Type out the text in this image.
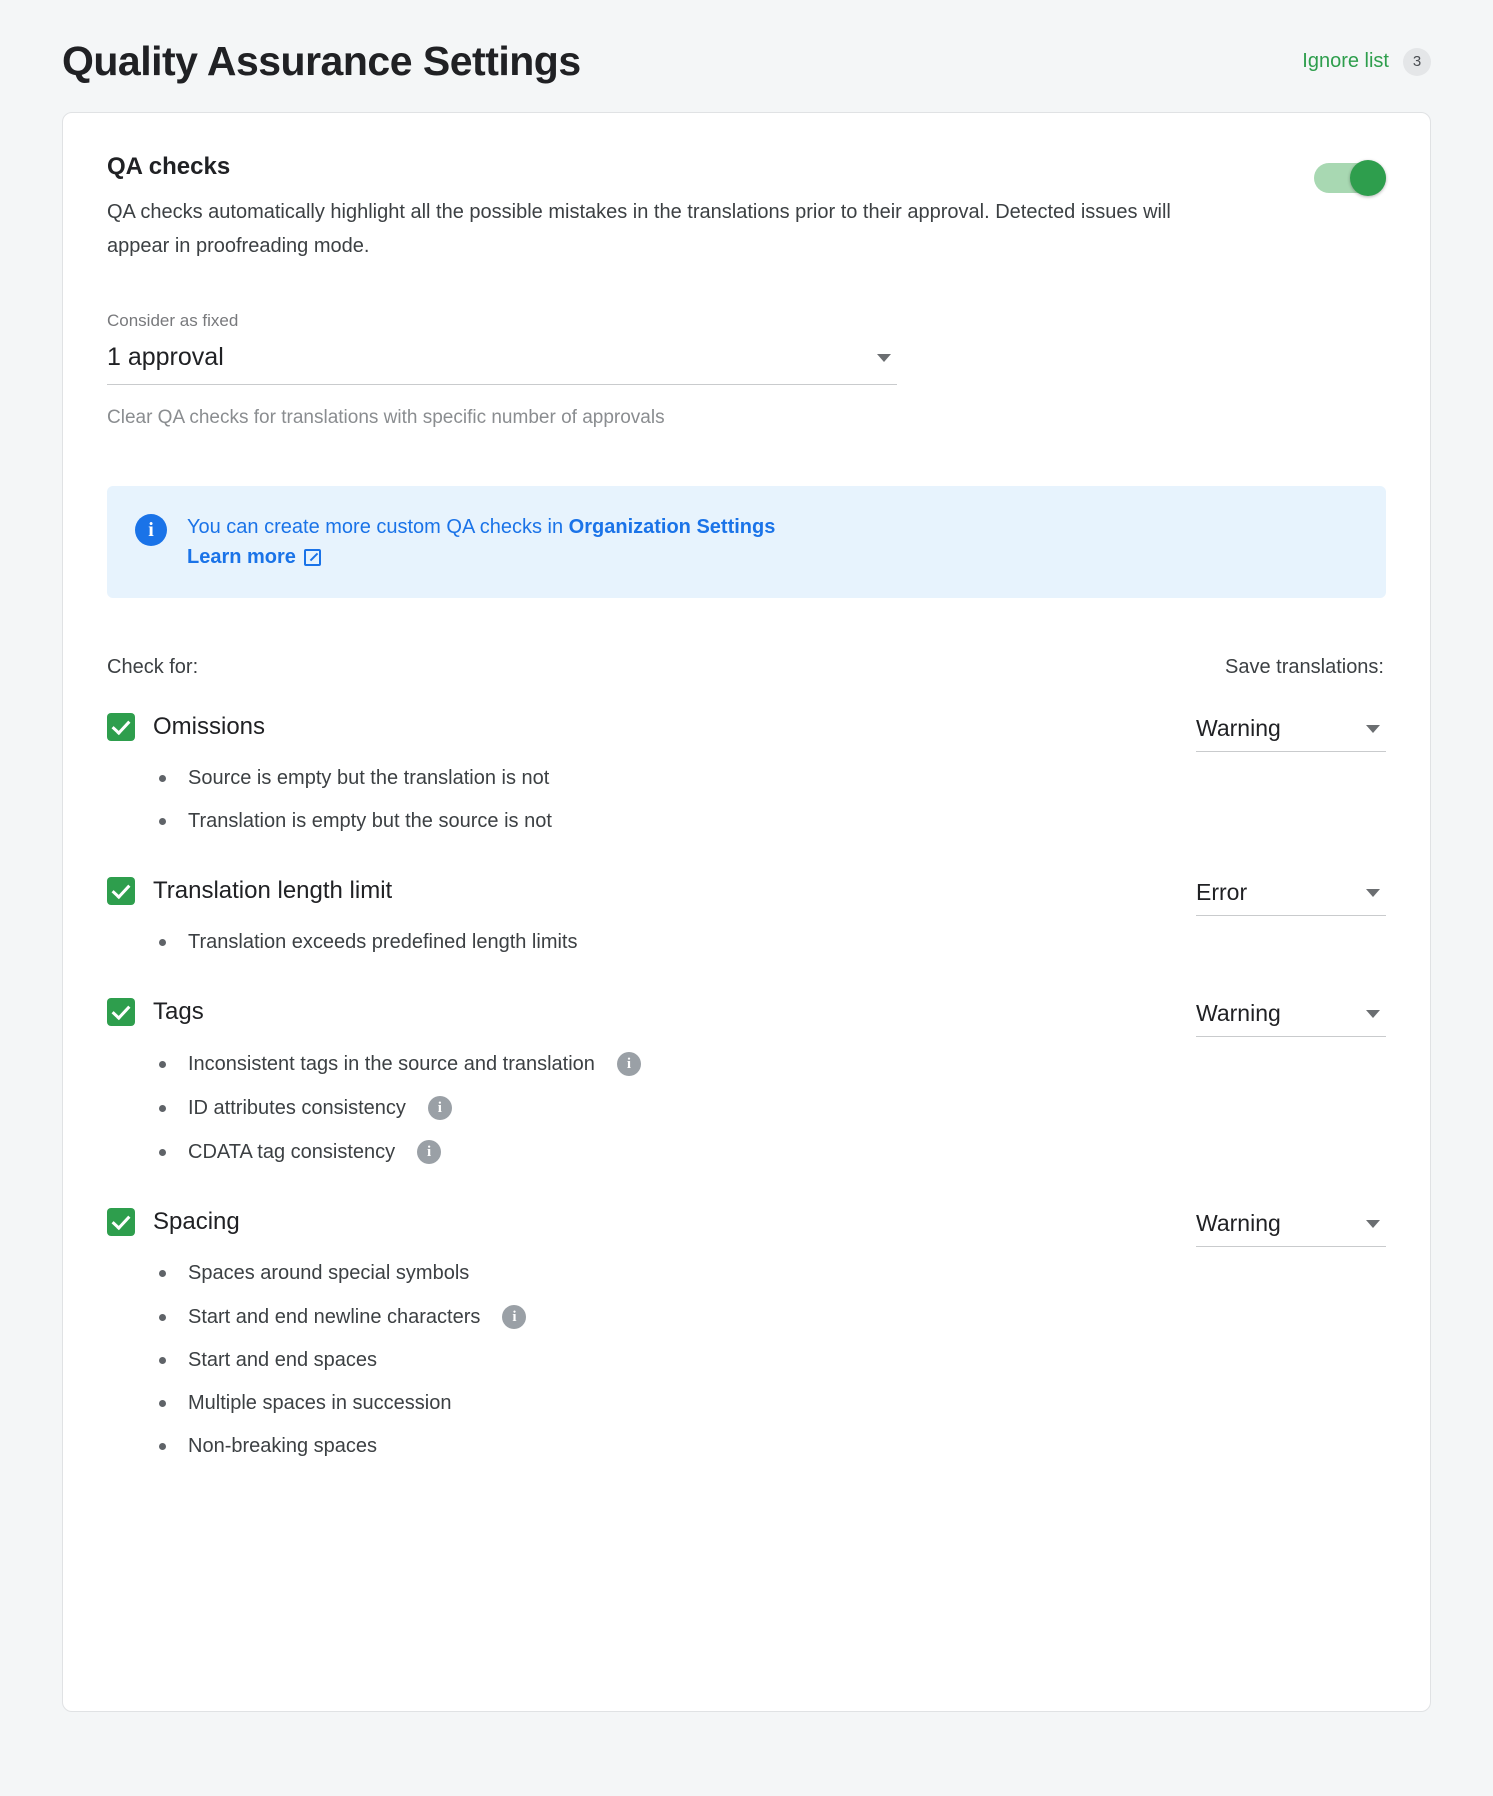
Quality Assurance Settings	Ignore list	3
QA checks

QA checks automatically highlight all the possible mistakes in the translations prior to their approval. Detected issues will appear in proofreading mode.

Consider as fixed
1 approval
Clear QA checks for translations with specific number of approvals
i	You can create more custom QA checks in Organization Settings

Learn more
Check for:	Save translations:
Omissions
Source is empty but the translation is not
Translation is empty but the source is not
Warning
Translation length limit
Translation exceeds predefined length limits
Error
Tags
Inconsistent tags in the source and translation	i
ID attributes consistency	i
CDATA tag consistency	i
Warning
Spacing
Spaces around special symbols
Start and end newline characters	i
Start and end spaces
Multiple spaces in succession
Non-breaking spaces
Warning
